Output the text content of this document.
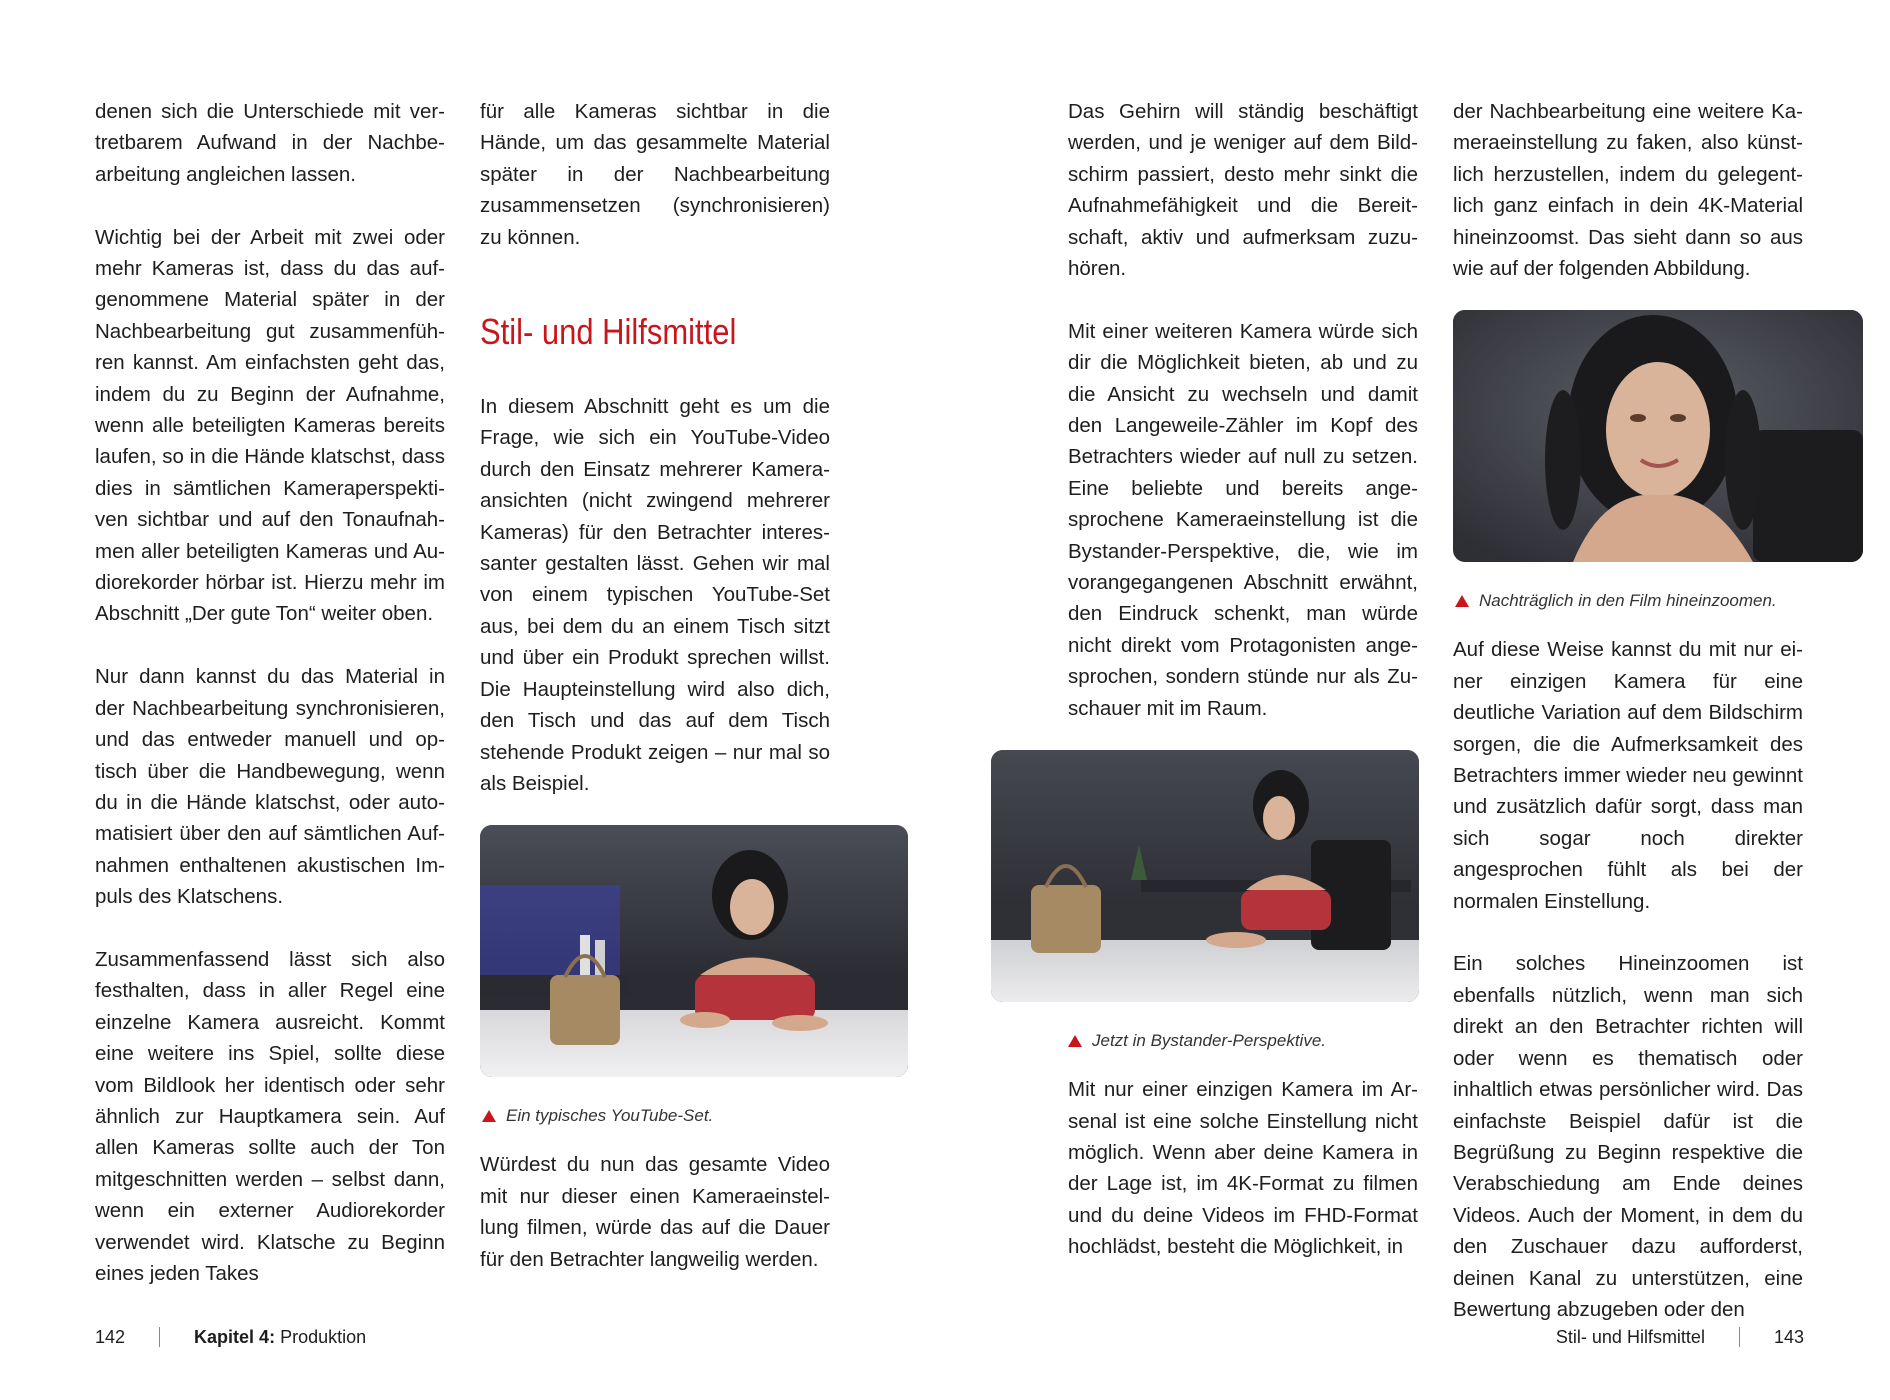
denen sich die Unterschiede mit vertretbarem Aufwand in der Nachbearbeitung angleichen lassen.

Wichtig bei der Arbeit mit zwei oder mehr Kameras ist, dass du das aufgenommene Material später in der Nachbearbeitung gut zusammenführen kannst. Am einfachsten geht das, indem du zu Beginn der Aufnahme, wenn alle beteiligten Kameras bereits laufen, so in die Hände klatschst, dass dies in sämtlichen Kameraperspektiven sichtbar und auf den Tonaufnahmen aller beteiligten Kameras und Audiorekorder hörbar ist. Hierzu mehr im Abschnitt „Der gute Ton“ weiter oben.

Nur dann kannst du das Material in der Nachbearbeitung synchronisieren, und das entweder manuell und optisch über die Handbewegung, wenn du in die Hände klatschst, oder automatisiert über den auf sämtlichen Aufnahmen enthaltenen akustischen Impuls des Klatschens.

Zusammenfassend lässt sich also festhalten, dass in aller Regel eine einzelne Kamera ausreicht. Kommt eine weitere ins Spiel, sollte diese vom Bildlook her identisch oder sehr ähnlich zur Hauptkamera sein. Auf allen Kameras sollte auch der Ton mitgeschnitten werden – selbst dann, wenn ein externer Audiorekorder verwendet wird. Klatsche zu Beginn eines jeden Takes

für alle Kameras sichtbar in die Hände, um das gesammelte Material später in der Nachbearbeitung zusammensetzen (synchronisieren) zu können.

Stil- und Hilfsmittel

In diesem Abschnitt geht es um die Frage, wie sich ein YouTube-Video durch den Einsatz mehrerer Kameraansichten (nicht zwingend mehrerer Kameras) für den Betrachter interessanter gestalten lässt. Gehen wir mal von einem typischen YouTube-Set aus, bei dem du an einem Tisch sitzt und über ein Produkt sprechen willst. Die Haupteinstellung wird also dich, den Tisch und das auf dem Tisch stehende Produkt zeigen – nur mal so als Beispiel.

Ein typisches YouTube-Set.

Würdest du nun das gesamte Video mit nur dieser einen Kameraeinstellung filmen, würde das auf die Dauer für den Betrachter langweilig werden.

142	Kapitel 4: Produktion

Das Gehirn will ständig beschäftigt werden, und je weniger auf dem Bildschirm passiert, desto mehr sinkt die Aufnahmefähigkeit und die Bereitschaft, aktiv und aufmerksam zuzuhören.

Mit einer weiteren Kamera würde sich dir die Möglichkeit bieten, ab und zu die Ansicht zu wechseln und damit den Langeweile-Zähler im Kopf des Betrachters wieder auf null zu setzen. Eine beliebte und bereits angesprochene Kameraeinstellung ist die Bystander-Perspektive, die, wie im vorangegangenen Abschnitt erwähnt, den Eindruck schenkt, man würde nicht direkt vom Protagonisten angesprochen, sondern stünde nur als Zuschauer mit im Raum.

Jetzt in Bystander-Perspektive.

Mit nur einer einzigen Kamera im Arsenal ist eine solche Einstellung nicht möglich. Wenn aber deine Kamera in der Lage ist, im 4K-Format zu filmen und du deine Videos im FHD-Format hochlädst, besteht die Möglichkeit, in

der Nachbearbeitung eine weitere Kameraeinstellung zu faken, also künstlich herzustellen, indem du gelegentlich ganz einfach in dein 4K-Material hineinzoomst. Das sieht dann so aus wie auf der folgenden Abbildung.

Nachträglich in den Film hineinzoomen.

Auf diese Weise kannst du mit nur einer einzigen Kamera für eine deutliche Variation auf dem Bildschirm sorgen, die die Aufmerksamkeit des Betrachters immer wieder neu gewinnt und zusätzlich dafür sorgt, dass man sich sogar noch direkter angesprochen fühlt als bei der normalen Einstellung.

Ein solches Hineinzoomen ist ebenfalls nützlich, wenn man sich direkt an den Betrachter richten will oder wenn es thematisch oder inhaltlich etwas persönlicher wird. Das einfachste Beispiel dafür ist die Begrüßung zu Beginn respektive die Verabschiedung am Ende deines Videos. Auch der Moment, in dem du den Zuschauer dazu aufforderst, deinen Kanal zu unterstützen, eine Bewertung abzugeben oder den

Stil- und Hilfsmittel	143
